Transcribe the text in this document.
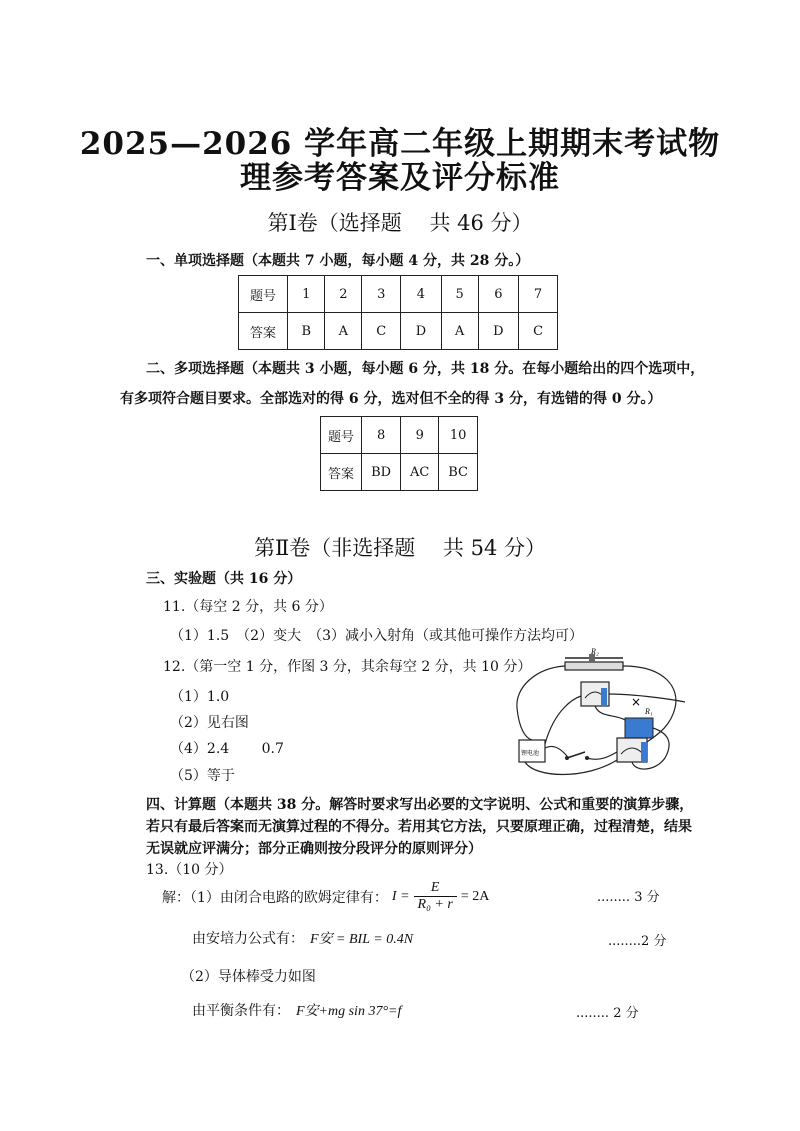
2025—2026 学年高二年级上期期末考试物
理参考答案及评分标准
第Ⅰ卷（选择题　 共 46 分）
一、单项选择题（本题共 7 小题，每小题 4 分，共 28 分。）
题号	1	2	3	4	5	6	7
答案	B	A	C	D	A	D	C
二、多项选择题（本题共 3 小题，每小题 6 分，共 18 分。在每小题给出的四个选项中，
有多项符合题目要求。全部选对的得 6 分，选对但不全的得 3 分，有选错的得 0 分。）
题号	8	9	10
答案	BD	AC	BC
第Ⅱ卷（非选择题　 共 54 分）
三、实验题（共 16 分）
11.（每空 2 分，共 6 分）
（1）1.5　（2）变大　（3）减小入射角（或其他可操作方法均可）
12.（第一空 1 分，作图 3 分，其余每空 2 分，共 10 分）
（1）1.0
（2）见右图
（4）2.4　　 0.7
（5）等于
R₂
R₁
锂电池
×
四、计算题（本题共 38 分。解答时要求写出必要的文字说明、公式和重要的演算步骤，
若只有最后答案而无演算过程的不得分。若用其它方法，只要原理正确，过程清楚，结果
无误就应评满分；部分正确则按分段评分的原则评分）
13.（10 分）
解：（1）由闭合电路的欧姆定律有： $I = \frac{E}{\text{R₀ + r}} = 2A$	........ 3 分
由安培力公式有： F安 = BIL = 0.4N	........2 分
（2）导体棒受力如图
由平衡条件有： F安+mg sin 37°=f	........ 2 分
